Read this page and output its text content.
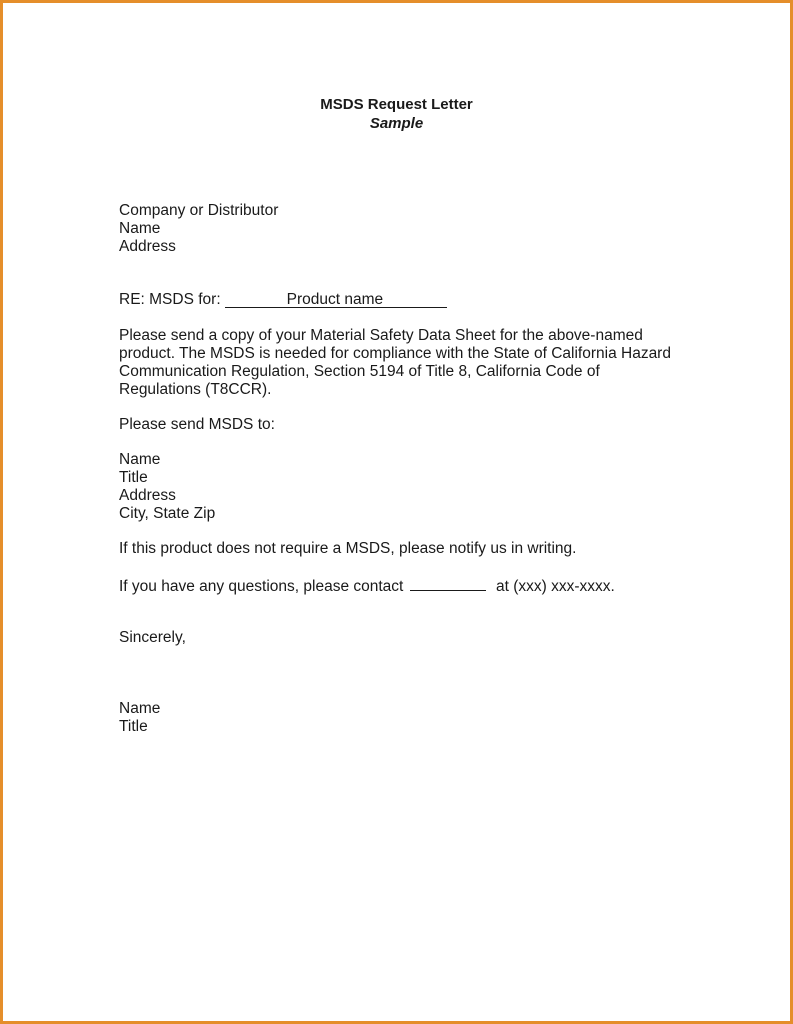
MSDS Request Letter
Sample
Company or Distributor
Name
Address
RE: MSDS for:	Product name
Please send a copy of your Material Safety Data Sheet for the above-named
product. The MSDS is needed for compliance with the State of California Hazard
Communication Regulation, Section 5194 of Title 8, California Code of
Regulations (T8CCR).
Please send MSDS to:
Name
Title
Address
City, State Zip
If this product does not require a MSDS, please notify us in writing.
If you have any questions, please contact	at (xxx) xxx-xxxx.
Sincerely,
Name
Title
